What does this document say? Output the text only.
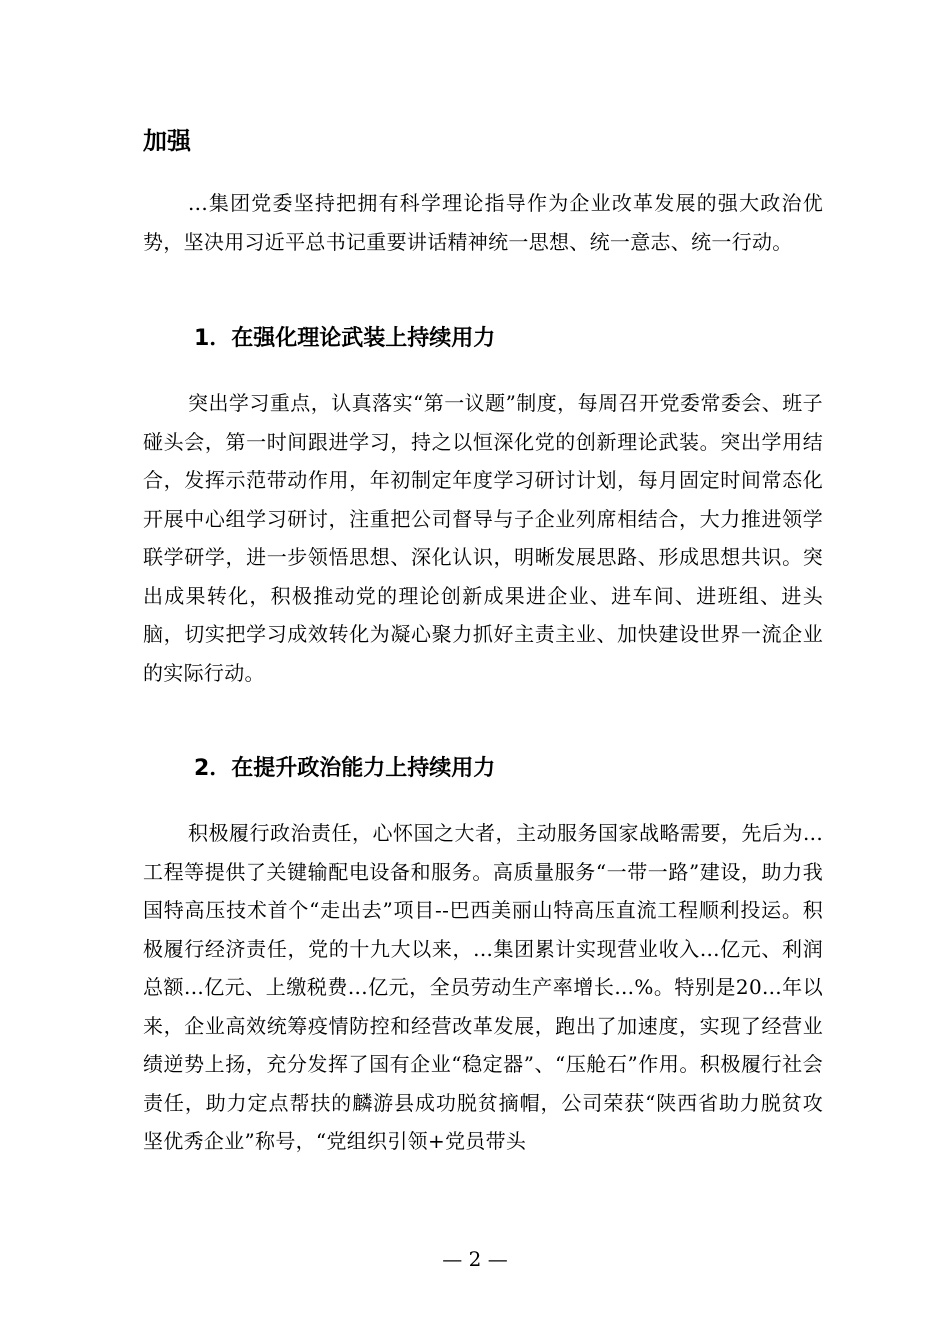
加强

...集团党委坚持把拥有科学理论指导作为企业改革发展的强大政治优势，坚决用习近平总书记重要讲话精神统一思想、统一意志、统一行动。

1．在强化理论武装上持续用力

突出学习重点，认真落实“第一议题”制度，每周召开党委常委会、班子碰头会，第一时间跟进学习，持之以恒深化党的创新理论武装。突出学用结合，发挥示范带动作用，年初制定年度学习研讨计划，每月固定时间常态化开展中心组学习研讨，注重把公司督导与子企业列席相结合，大力推进领学联学研学，进一步领悟思想、深化认识，明晰发展思路、形成思想共识。突出成果转化，积极推动党的理论创新成果进企业、进车间、进班组、进头脑，切实把学习成效转化为凝心聚力抓好主责主业、加快建设世界一流企业的实际行动。

2．在提升政治能力上持续用力

积极履行政治责任，心怀国之大者，主动服务国家战略需要，先后为...工程等提供了关键输配电设备和服务。高质量服务“一带一路”建设，助力我国特高压技术首个“走出去”项目--巴西美丽山特高压直流工程顺利投运。积极履行经济责任，党的十九大以来，...集团累计实现营业收入...亿元、利润总额...亿元、上缴税费...亿元，全员劳动生产率增长...%。特别是20...年以来，企业高效统筹疫情防控和经营改革发展，跑出了加速度，实现了经营业绩逆势上扬，充分发挥了国有企业“稳定器”、“压舱石”作用。积极履行社会责任，助力定点帮扶的麟游县成功脱贫摘帽，公司荣获“陕西省助力脱贫攻坚优秀企业”称号，“党组织引领+党员带头

— 2 —
